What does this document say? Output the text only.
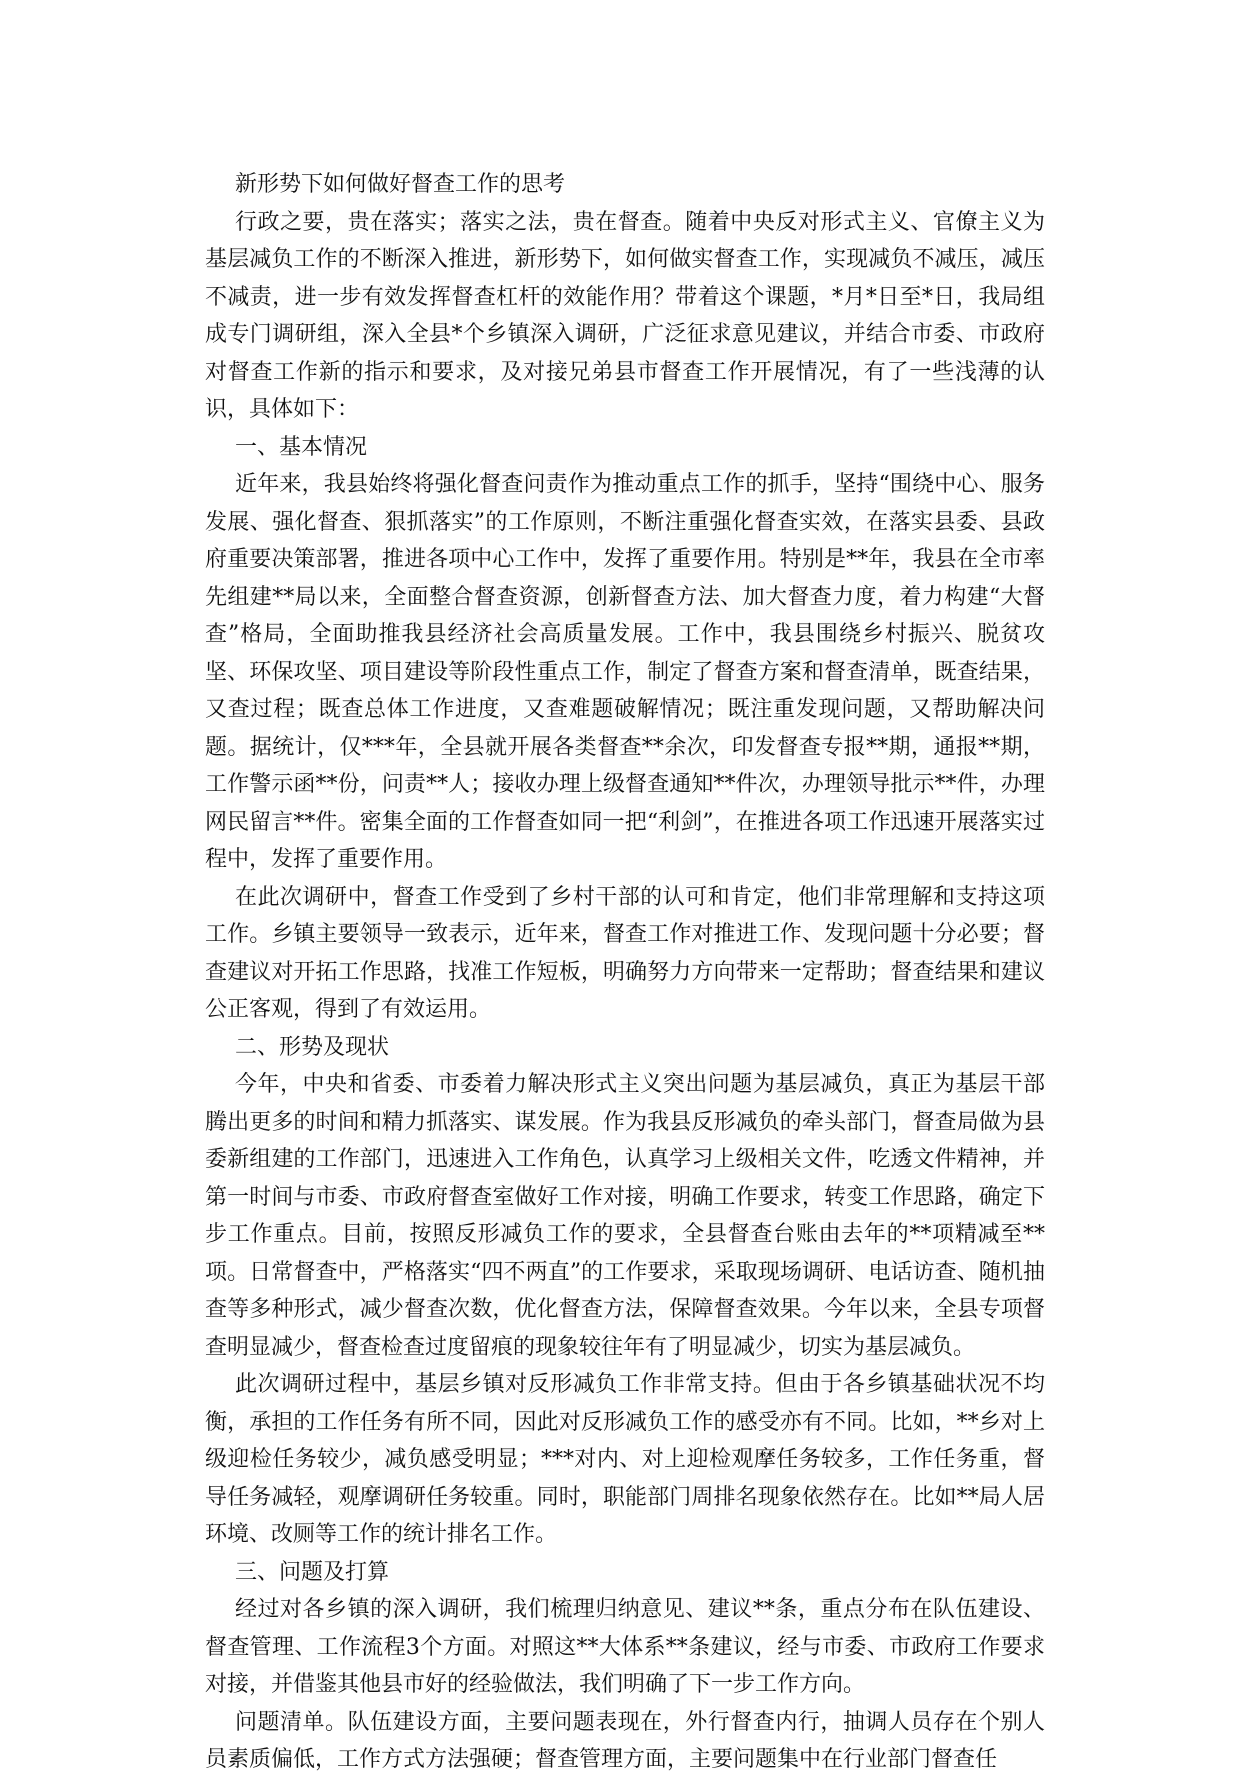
新形势下如何做好督查工作的思考

行政之要，贵在落实；落实之法，贵在督查。随着中央反对形式主义、官僚主义为基层减负工作的不断深入推进，新形势下，如何做实督查工作，实现减负不减压，减压不减责，进一步有效发挥督查杠杆的效能作用？带着这个课题，*月*日至*日，我局组成专门调研组，深入全县*个乡镇深入调研，广泛征求意见建议，并结合市委、市政府对督查工作新的指示和要求，及对接兄弟县市督查工作开展情况，有了一些浅薄的认识，具体如下：

一、基本情况

近年来，我县始终将强化督查问责作为推动重点工作的抓手，坚持“围绕中心、服务发展、强化督查、狠抓落实”的工作原则，不断注重强化督查实效，在落实县委、县政府重要决策部署，推进各项中心工作中，发挥了重要作用。特别是**年，我县在全市率先组建**局以来，全面整合督查资源，创新督查方法、加大督查力度，着力构建“大督查”格局，全面助推我县经济社会高质量发展。工作中，我县围绕乡村振兴、脱贫攻坚、环保攻坚、项目建设等阶段性重点工作，制定了督查方案和督查清单，既查结果，又查过程；既查总体工作进度，又查难题破解情况；既注重发现问题，又帮助解决问题。据统计，仅***年，全县就开展各类督查**余次，印发督查专报**期，通报**期，工作警示函**份，问责**人；接收办理上级督查通知**件次，办理领导批示**件，办理网民留言**件。密集全面的工作督查如同一把“利剑”，在推进各项工作迅速开展落实过程中，发挥了重要作用。

在此次调研中，督查工作受到了乡村干部的认可和肯定，他们非常理解和支持这项工作。乡镇主要领导一致表示，近年来，督查工作对推进工作、发现问题十分必要；督查建议对开拓工作思路，找准工作短板，明确努力方向带来一定帮助；督查结果和建议公正客观，得到了有效运用。

二、形势及现状

今年，中央和省委、市委着力解决形式主义突出问题为基层减负，真正为基层干部腾出更多的时间和精力抓落实、谋发展。作为我县反形减负的牵头部门，督查局做为县委新组建的工作部门，迅速进入工作角色，认真学习上级相关文件，吃透文件精神，并第一时间与市委、市政府督查室做好工作对接，明确工作要求，转变工作思路，确定下步工作重点。目前，按照反形减负工作的要求，全县督查台账由去年的**项精减至**项。日常督查中，严格落实“四不两直”的工作要求，采取现场调研、电话访查、随机抽查等多种形式，减少督查次数，优化督查方法，保障督查效果。今年以来，全县专项督查明显减少，督查检查过度留痕的现象较往年有了明显减少，切实为基层减负。

此次调研过程中，基层乡镇对反形减负工作非常支持。但由于各乡镇基础状况不均衡，承担的工作任务有所不同，因此对反形减负工作的感受亦有不同。比如，**乡对上级迎检任务较少，减负感受明显；***对内、对上迎检观摩任务较多，工作任务重，督导任务减轻，观摩调研任务较重。同时，职能部门周排名现象依然存在。比如**局人居环境、改厕等工作的统计排名工作。

三、问题及打算

经过对各乡镇的深入调研，我们梳理归纳意见、建议**条，重点分布在队伍建设、督查管理、工作流程3个方面。对照这**大体系**条建议，经与市委、市政府工作要求对接，并借鉴其他县市好的经验做法，我们明确了下一步工作方向。

问题清单。队伍建设方面，主要问题表现在，外行督查内行，抽调人员存在个别人员素质偏低，工作方式方法强硬；督查管理方面，主要问题集中在行业部门督查任
